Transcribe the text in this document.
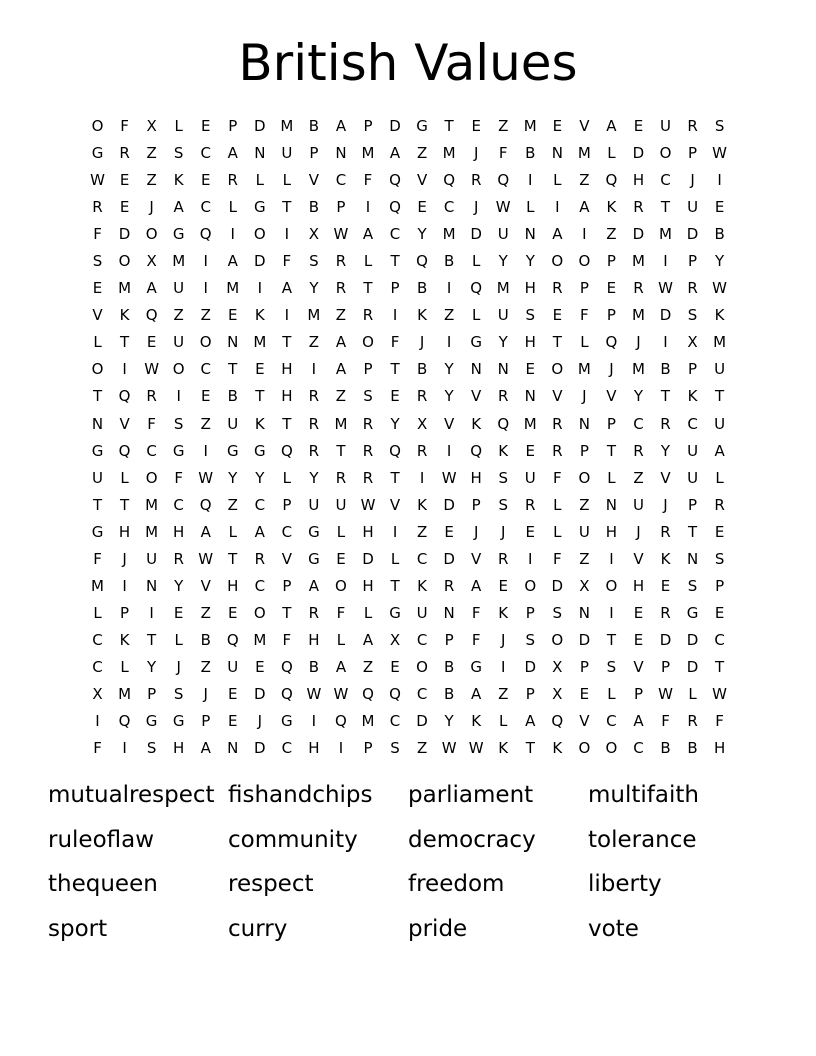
British Values
O	F	X	L	E	P	D M	B	A	P	D	G	T	E	Z	M	E	V	A	E	U	R	S
G	R	Z	S	C	A	N	U	P	N M	A	Z	M	J	F	B	N M	L	D	O	P	W
W E	Z	K	E	R	L	L	V	C	F	Q	V	Q	R	Q	I	L	Z	Q	H	C	J	I
R	E	J	A	C	L	G	T	B	P	I	Q	E	C	J	W	L	I	A	K	R	T	U	E
F	D	O	G	Q	I	O	I	X W A	C	Y	M D	U	N	A	I	Z	D M D	B
S	O	X	M	I	A	D	F	S	R	L	T	Q	B	L	Y	Y	O	O	P	M	I	P	Y
E	M	A	U	I	M	I	A	Y	R	T	P	B	I	Q M H	R	P	E	R W R W
V	K	Q	Z	Z	E	K	I	M	Z	R	I	K	Z	L	U	S	E	F	P	M D	S	K
L	T	E	U	O	N M	T	Z	A	O	F	J	I	G	Y	H	T	L	Q	J	I	X	M
O	I	W O	C	T	E	H	I	A	P	T	B	Y	N	N	E	O M	J	M	B	P	U
T	Q	R	I	E	B	T	H	R	Z	S	E	R	Y	V	R	N	V	J	V	Y	T	K	T
N	V	F	S	Z	U	K	T	R	M	R	Y	X	V	K	Q M	R	N	P	C	R	C	U
G	Q	C	G	I	G	G	Q	R	T	R	Q	R	I	Q	K	E	R	P	T	R	Y	U	A
U	L	O	F	W	Y	Y	L	Y	R	R	T	I	W H	S	U	F	O	L	Z	V	U	L
T	T	M	C	Q	Z	C	P	U	U W V	K	D	P	S	R	L	Z	N	U	J	P	R
G	H M H	A	L	A	C	G	L	H	I	Z	E	J	J	E	L	U	H	J	R	T	E
F	J	U	R W	T	R	V	G	E	D	L	C	D	V	R	I	F	Z	I	V	K	N	S
M	I	N	Y	V	H	C	P	A	O	H	T	K	R	A	E	O	D	X	O	H	E	S	P
L	P	I	E	Z	E	O	T	R	F	L	G	U	N	F	K	P	S	N	I	E	R	G	E
C	K	T	L	B	Q M	F	H	L	A	X	C	P	F	J	S	O	D	T	E	D	D	C
C	L	Y	J	Z	U	E	Q	B	A	Z	E	O	B	G	I	D	X	P	S	V	P	D	T
X	M	P	S	J	E	D	Q W W Q	Q	C	B	A	Z	P	X	E	L	P	W	L	W
I	Q	G	G	P	E	J	G	I	Q M	C	D	Y	K	L	A	Q	V	C	A	F	R	F
F	I	S	H	A	N	D	C	H	I	P	S	Z W W K	T	K	O	O	C	B	B	H
mutualrespect fishandchips	parliament	multifaith
ruleoflaw	community	democracy	tolerance
thequeen	respect	freedom	liberty
sport	curry	pride	vote
